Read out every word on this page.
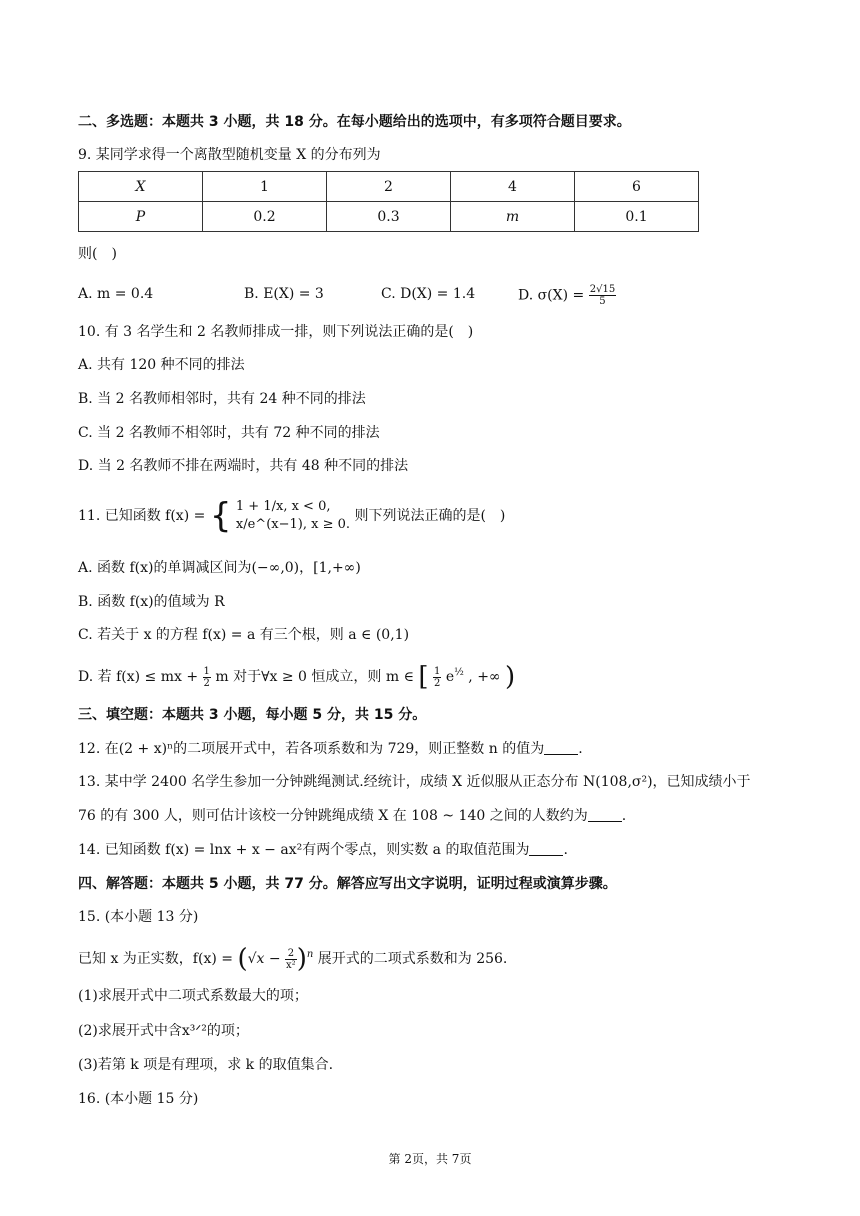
二、多选题：本题共 3 小题，共 18 分。在每小题给出的选项中，有多项符合题目要求。
9. 某同学求得一个离散型随机变量 X 的分布列为
X	1	2	4	6
P	0.2	0.3	m	0.1
则(　)
A. m = 0.4	B. E(X) = 3	C. D(X) = 1.4	D. $\sigma(X) = \frac{2√15}{5}$
10. 有 3 名学生和 2 名教师排成一排，则下列说法正确的是(　)
A. 共有 120 种不同的排法
B. 当 2 名教师相邻时，共有 24 种不同的排法
C. 当 2 名教师不相邻时，共有 72 种不同的排法
D. 当 2 名教师不排在两端时，共有 48 种不同的排法
11. 已知函数 f(x) = { 1 + 1/x, x < 0,
x/e^(x−1), x ≥ 0.
则下列说法正确的是(　)
A. 函数 f(x)的单调减区间为(−∞,0)，[1,+∞)
B. 函数 f(x)的值域为 R
C. 若关于 x 的方程 f(x) = a 有三个根，则 a ∈ (0,1)
D. 若 f(x) ≤ mx + $\frac{1}{2}$ m 对于∀x ≥ 0 恒成立，则 m ∈ [ $\frac{1}{2} e^{\frac{1}{2}}$ , +∞ )
三、填空题：本题共 3 小题，每小题 5 分，共 15 分。
12. 在(2 + x)ⁿ的二项展开式中，若各项系数和为 729，则正整数 n 的值为 .
13. 某中学 2400 名学生参加一分钟跳绳测试.经统计，成绩 X 近似服从正态分布 N(108,σ²)，已知成绩小于
76 的有 300 人，则可估计该校一分钟跳绳成绩 X 在 108 ~ 140 之间的人数约为 .
14. 已知函数 f(x) = lnx + x − ax²有两个零点，则实数 a 的取值范围为 .
四、解答题：本题共 5 小题，共 77 分。解答应写出文字说明，证明过程或演算步骤。
15. (本小题 13 分)
已知 x 为正实数，$f(x) = (√x - \frac{2}{\text{x²}} )^n$ 展开式的二项式系数和为 256.
(1)求展开式中二项式系数最大的项；
(2)求展开式中含x³ᐟ²的项；
(3)若第 k 项是有理项，求 k 的取值集合.
16. (本小题 15 分)
第 2页，共 7页
